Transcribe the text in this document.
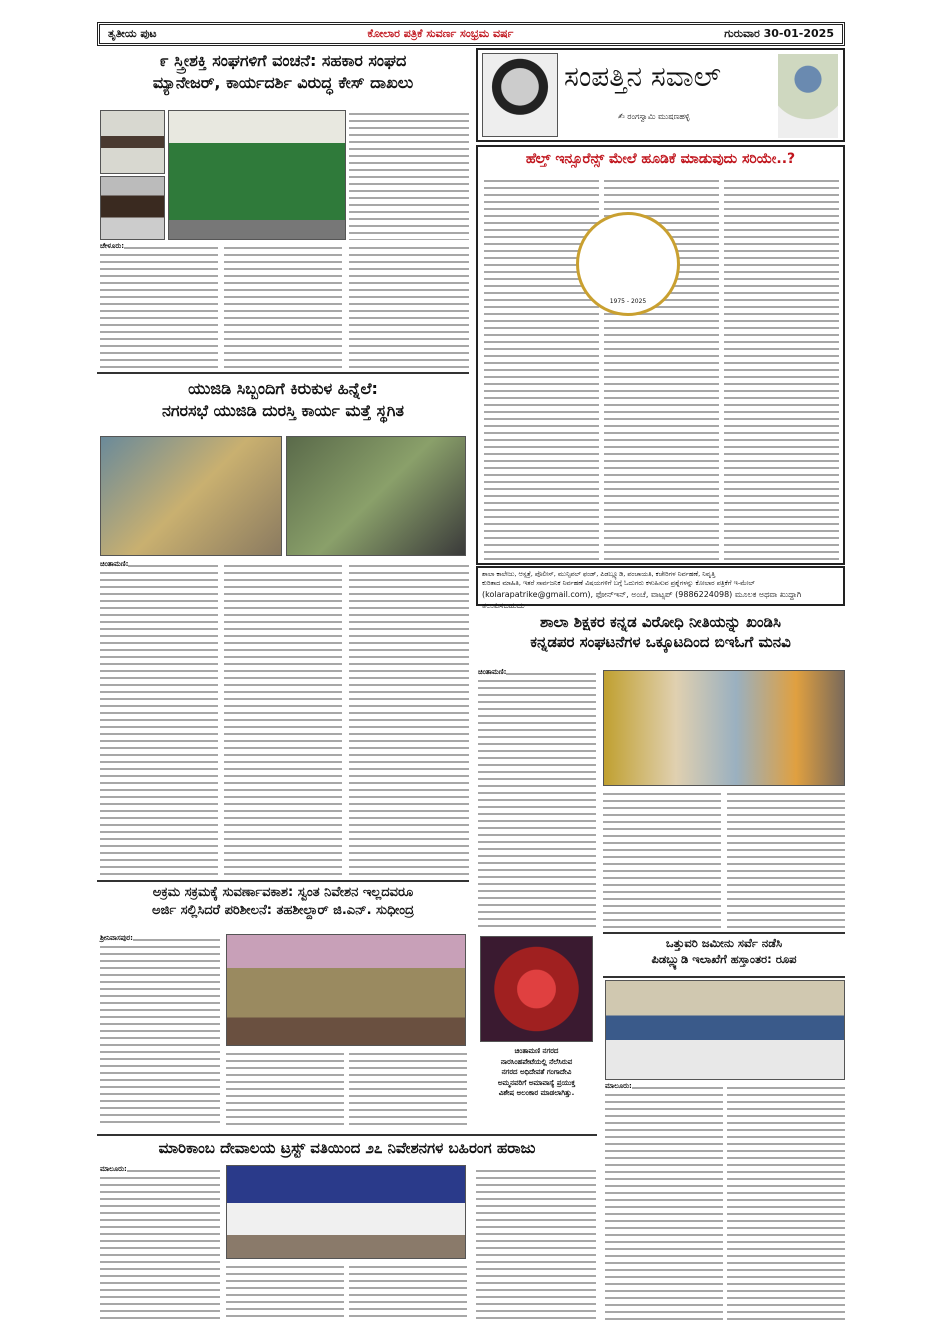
ತೃತೀಯ ಪುಟ	ಕೋಲಾರ ಪತ್ರಿಕೆ ಸುವರ್ಣ ಸಂಭ್ರಮ ವರ್ಷ	ಗುರುವಾರ 30-01-2025
೯ ಸ್ತ್ರೀಶಕ್ತಿ ಸಂಘಗಳಿಗೆ ವಂಚನೆ: ಸಹಕಾರ ಸಂಘದ
ಮ್ಯಾನೇಜರ್, ಕಾರ್ಯದರ್ಶಿ ವಿರುದ್ಧ ಕೇಸ್ ದಾಖಲು
ಚೇಳೂರು:
ಯುಜಿಡಿ ಸಿಬ್ಬಂದಿಗೆ ಕಿರುಕುಳ ಹಿನ್ನೆಲೆ:
ನಗರಸಭೆ ಯುಜಿಡಿ ದುರಸ್ತಿ ಕಾರ್ಯ ಮತ್ತೆ ಸ್ಥಗಿತ
ಚಿಂತಾಮಣಿ:
ಅಕ್ರಮ ಸಕ್ರಮಕ್ಕೆ ಸುವರ್ಣಾವಕಾಶ: ಸ್ವಂತ ನಿವೇಶನ ಇಲ್ಲದವರೂ
ಅರ್ಜಿ ಸಲ್ಲಿಸಿದರೆ ಪರಿಶೀಲನೆ: ತಹಶೀಲ್ದಾರ್ ಜಿ.ಎನ್. ಸುಧೀಂದ್ರ
ಶ್ರೀನಿವಾಸಪುರ:
ಸಂಪತ್ತಿನ ಸವಾಲ್
✍ ರಂಗಸ್ವಾಮಿ ಮುಷಣಹಳ್ಳಿ
ಹೆಲ್ತ್ ಇನ್ಸೂರೆನ್ಸ್ ಮೇಲೆ ಹೂಡಿಕೆ ಮಾಡುವುದು ಸರಿಯೇ..?
1975 - 2025
ಶಾಲಾ ಕಾಲೇಜು, ಆಸ್ಪತ್ರೆ, ಪೊಲೀಸ್, ಮುನ್ಸಿಪಲ್ ಫಂಡ್, ಪಿಡಬ್ಲ್ಯೂಡಿ, ಪಂಚಾಯತಿ, ಕಚೇರಿಗಳ ನಿರ್ವಹಣೆ, ನಿವೃತ್ತಿ
ಕುರಿತಾದ ಮಾಹಿತಿ, ಇತರೆ ಸಾರ್ವಜನಿಕ ನಿರ್ವಹಣೆ ವಿಷಯಗಳಿಗೆ ಬಗ್ಗೆ ಓದುಗರು ಕಳುಹಿಸುವ ಪ್ರಶ್ನೆಗಳನ್ನು ಕೋಲಾರ ಪತ್ರಿಕೆಗೆ ಇ-ಮೇಲ್
(kolarapatrike@gmail.com), ಫೋನ್‌ಇನ್, ಅಂಚೆ, ವಾಟ್ಸಪ್ (9886224098) ಮೂಲಕ ಅಥವಾ ಖುದ್ದಾಗಿ ತಲುಪಿಸಬಹುದು
ಶಾಲಾ ಶಿಕ್ಷಕರ ಕನ್ನಡ ವಿರೋಧಿ ನೀತಿಯನ್ನು ಖಂಡಿಸಿ
ಕನ್ನಡಪರ ಸಂಘಟನೆಗಳ ಒಕ್ಕೂಟದಿಂದ ಬಿಇಓಗೆ ಮನವಿ
ಚಿಂತಾಮಣಿ:
ಚಿಂತಾಮಣಿ ನಗರದ
ನಾರಸಿಂಹಪೇಟೆಯಲ್ಲಿ ನೆಲೆಸಿರುವ
ನಗರದ ಅಧಿದೇವತೆ ಗಂಗಾದೇವಿ
ಅಮ್ಮನವರಿಗೆ ಅಮಾವಾಸ್ಯೆ ಪ್ರಯುಕ್ತ
ವಿಶೇಷ ಅಲಂಕಾರ ಮಾಡಲಾಗಿತ್ತು.
ಒತ್ತುವರಿ ಜಮೀನು ಸರ್ವೆ ನಡೆಸಿ
ಪಿಡಬ್ಲ್ಯುಡಿ ಇಲಾಖೆಗೆ ಹಸ್ತಾಂತರ: ರೂಪ
ಮಾಲೂರು:
ಮಾರಿಕಾಂಬ ದೇವಾಲಯ ಟ್ರಸ್ಟ್ ವತಿಯಿಂದ ೨೭ ನಿವೇಶನಗಳ ಬಹಿರಂಗ ಹರಾಜು
ಮಾಲೂರು:
